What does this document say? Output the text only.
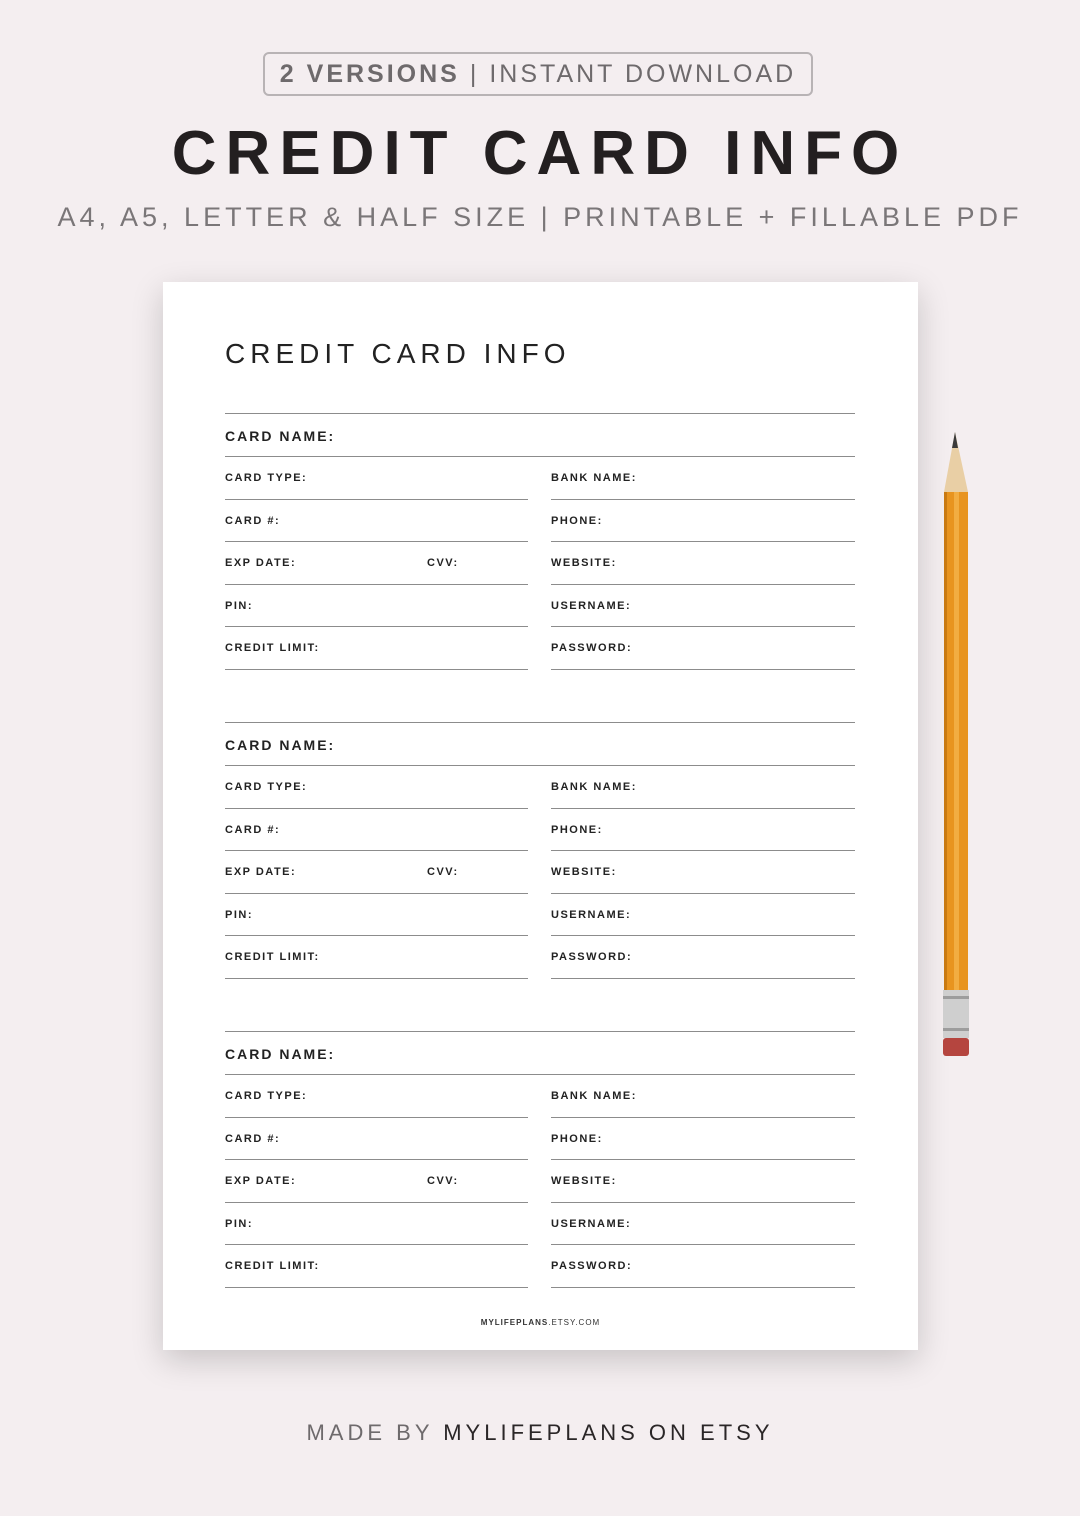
2 VERSIONS | INSTANT DOWNLOAD
CREDIT CARD INFO
A4, A5, LETTER & HALF SIZE | PRINTABLE + FILLABLE PDF
CREDIT CARD INFO
MYLIFEPLANS.ETSY.COM
CARD NAME:
CARD TYPE:	BANK NAME:
CARD #:	PHONE:
EXP DATE:	CVV:	WEBSITE:
PIN:	USERNAME:
CREDIT LIMIT:	PASSWORD:
CARD NAME:
CARD TYPE:	BANK NAME:
CARD #:	PHONE:
EXP DATE:	CVV:	WEBSITE:
PIN:	USERNAME:
CREDIT LIMIT:	PASSWORD:
CARD NAME:
CARD TYPE:	BANK NAME:
CARD #:	PHONE:
EXP DATE:	CVV:	WEBSITE:
PIN:	USERNAME:
CREDIT LIMIT:	PASSWORD:
MADE BY MYLIFEPLANS ON ETSY
